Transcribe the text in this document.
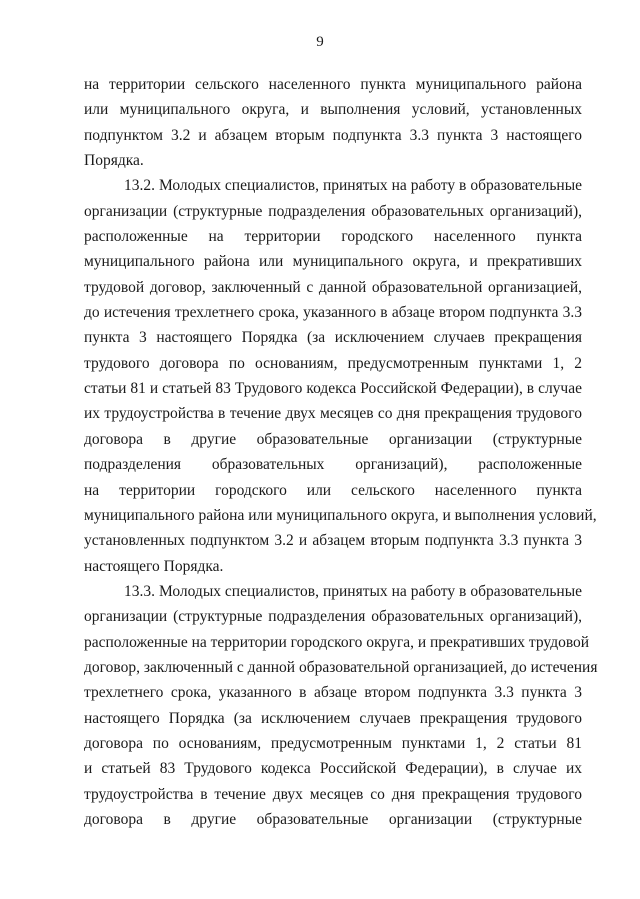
9
на территории сельского населенного пункта муниципального района
или муниципального округа, и выполнения условий, установленных
подпунктом 3.2 и абзацем вторым подпункта 3.3 пункта 3 настоящего
Порядка.
13.2. Молодых специалистов, принятых на работу в образовательные
организации (структурные подразделения образовательных организаций),
расположенные на территории городского населенного пункта
муниципального района или муниципального округа, и прекративших
трудовой договор, заключенный с данной образовательной организацией,
до истечения трехлетнего срока, указанного в абзаце втором подпункта 3.3
пункта 3 настоящего Порядка (за исключением случаев прекращения
трудового договора по основаниям, предусмотренным пунктами 1, 2
статьи 81 и статьей 83 Трудового кодекса Российской Федерации), в случае
их трудоустройства в течение двух месяцев со дня прекращения трудового
договора в другие образовательные организации (структурные
подразделения образовательных организаций), расположенные
на территории городского или сельского населенного пункта
муниципального района или муниципального округа, и выполнения условий,
установленных подпунктом 3.2 и абзацем вторым подпункта 3.3 пункта 3
настоящего Порядка.
13.3. Молодых специалистов, принятых на работу в образовательные
организации (структурные подразделения образовательных организаций),
расположенные на территории городского округа, и прекративших трудовой
договор, заключенный с данной образовательной организацией, до истечения
трехлетнего срока, указанного в абзаце втором подпункта 3.3 пункта 3
настоящего Порядка (за исключением случаев прекращения трудового
договора по основаниям, предусмотренным пунктами 1, 2 статьи 81
и статьей 83 Трудового кодекса Российской Федерации), в случае их
трудоустройства в течение двух месяцев со дня прекращения трудового
договора в другие образовательные организации (структурные
